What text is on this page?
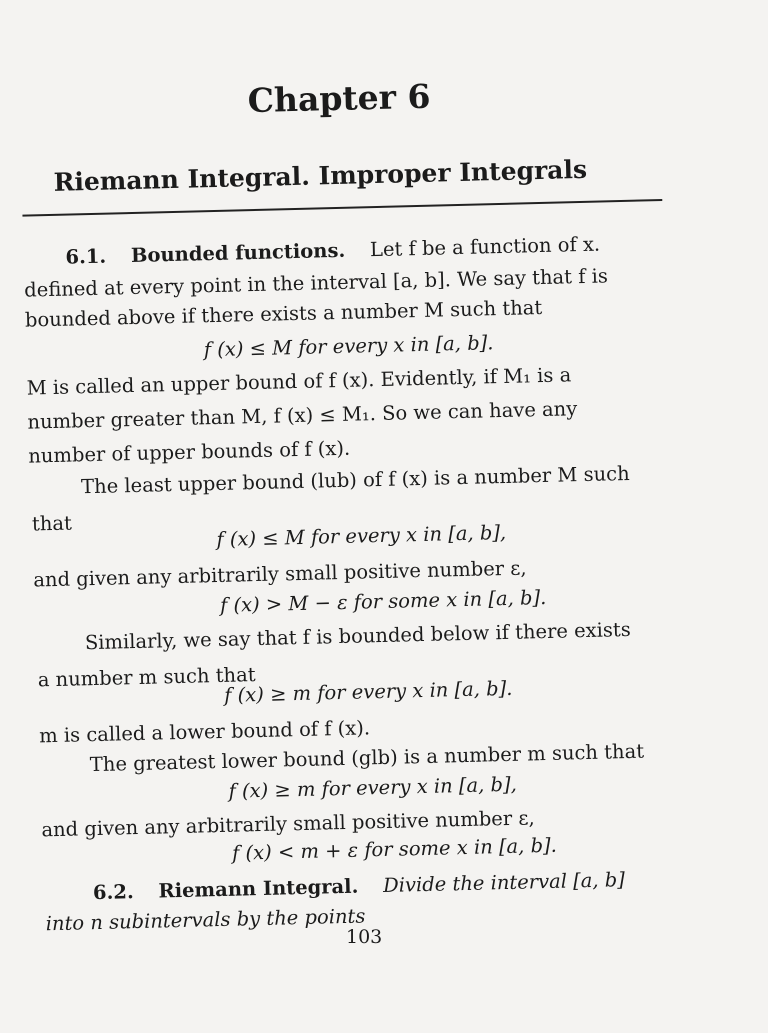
Chapter 6
Riemann Integral. Improper Integrals
6.1. Bounded functions. Let f be a function of x.
defined at every point in the interval [a, b]. We say that f is
bounded above if there exists a number M such that
f (x) ≤ M for every x in [a, b].
M is called an upper bound of f (x). Evidently, if M₁ is a
number greater than M, f (x) ≤ M₁. So we can have any
number of upper bounds of f (x).
The least upper bound (lub) of f (x) is a number M such
that	f (x) ≤ M for every x in [a, b],
and given any arbitrarily small positive number ε,
f (x) > M − ε for some x in [a, b].
Similarly, we say that f is bounded below if there exists
a number m such that
f (x) ≥ m for every x in [a, b].
m is called a lower bound of f (x).
The greatest lower bound (glb) is a number m such that
f (x) ≥ m for every x in [a, b],
and given any arbitrarily small positive number ε,
f (x) < m + ε for some x in [a, b].
6.2. Riemann Integral. Divide the interval [a, b]
into n subintervals by the points
103
